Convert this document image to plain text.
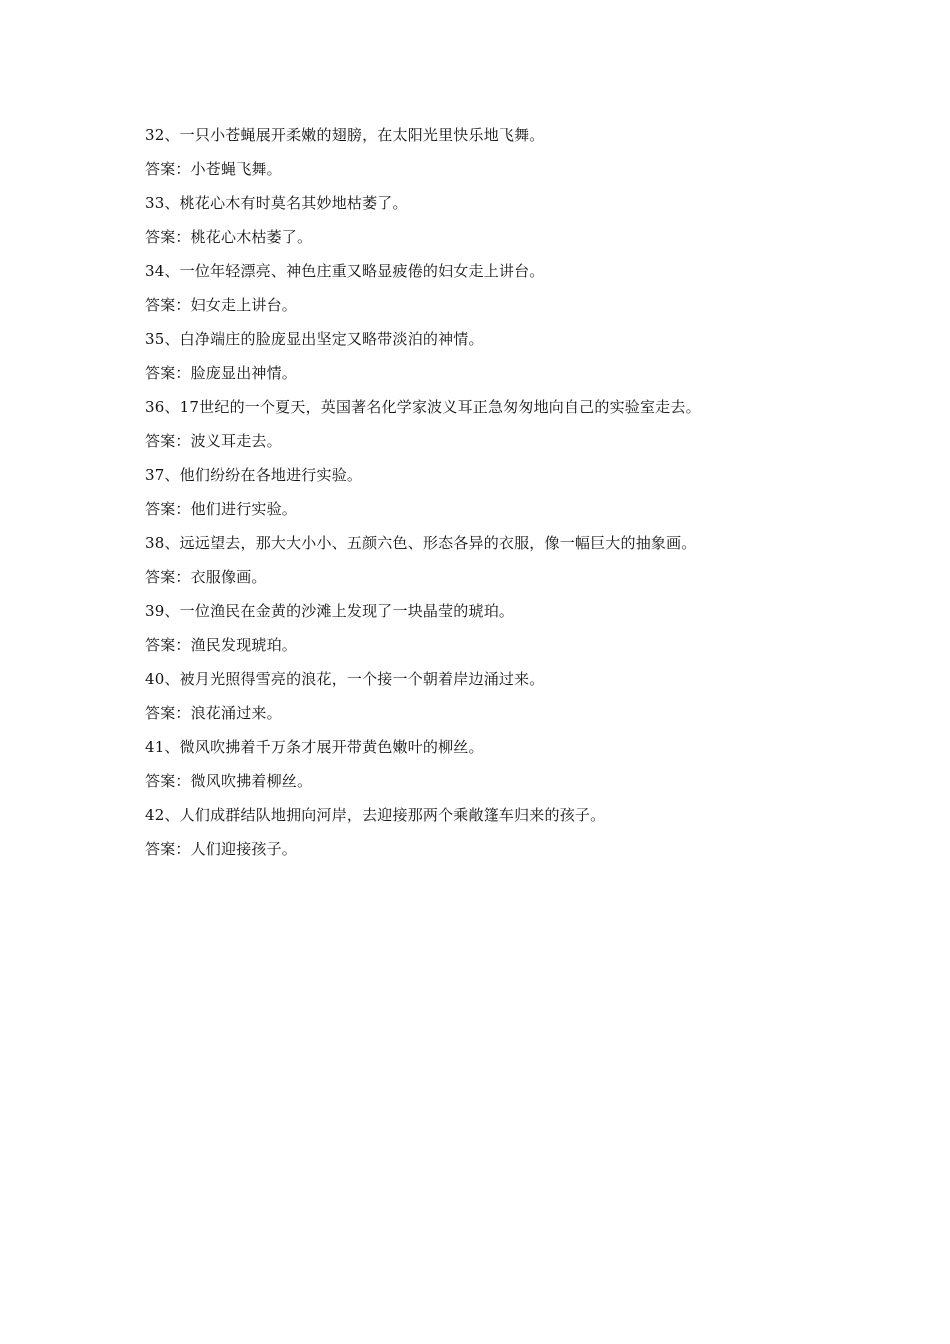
32、一只小苍蝇展开柔嫩的翅膀，在太阳光里快乐地飞舞。
答案：小苍蝇飞舞。
33、桃花心木有时莫名其妙地枯萎了。
答案：桃花心木枯萎了。
34、一位年轻漂亮、神色庄重又略显疲倦的妇女走上讲台。
答案：妇女走上讲台。
35、白净端庄的脸庞显出坚定又略带淡泊的神情。
答案：脸庞显出神情。
36、17世纪的一个夏天，英国著名化学家波义耳正急匆匆地向自己的实验室走去。
答案：波义耳走去。
37、他们纷纷在各地进行实验。
答案：他们进行实验。
38、远远望去，那大大小小、五颜六色、形态各异的衣服，像一幅巨大的抽象画。
答案：衣服像画。
39、一位渔民在金黄的沙滩上发现了一块晶莹的琥珀。
答案：渔民发现琥珀。
40、被月光照得雪亮的浪花，一个接一个朝着岸边涌过来。
答案：浪花涌过来。
41、微风吹拂着千万条才展开带黄色嫩叶的柳丝。
答案：微风吹拂着柳丝。
42、人们成群结队地拥向河岸，去迎接那两个乘敞篷车归来的孩子。
答案：人们迎接孩子。
